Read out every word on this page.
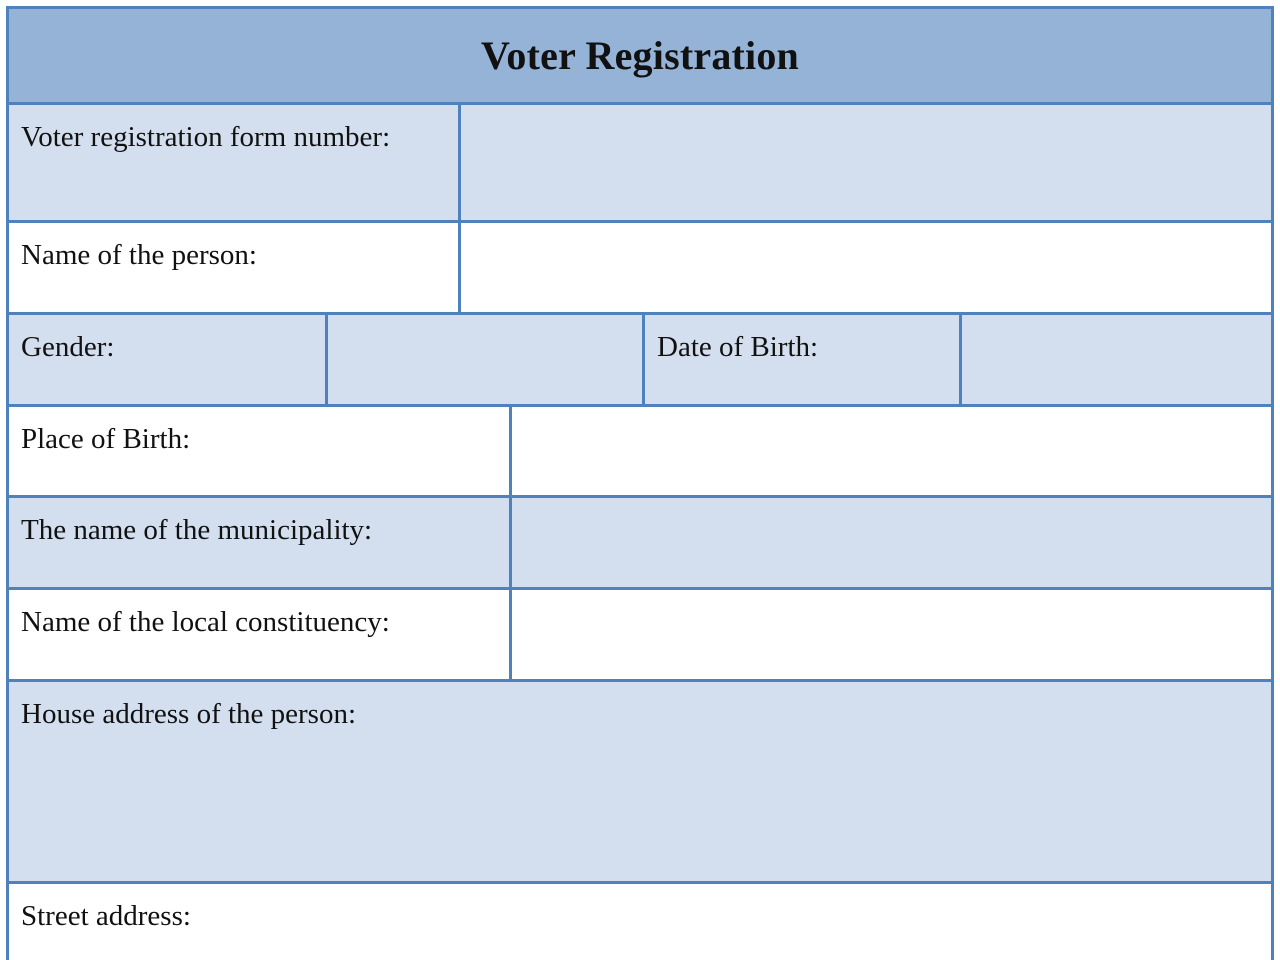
Voter Registration
Voter registration form number:
Name of the person:
Gender:	Date of Birth:
Place of Birth:
The name of the municipality:
Name of the local constituency:
House address of the person:
Street address:
